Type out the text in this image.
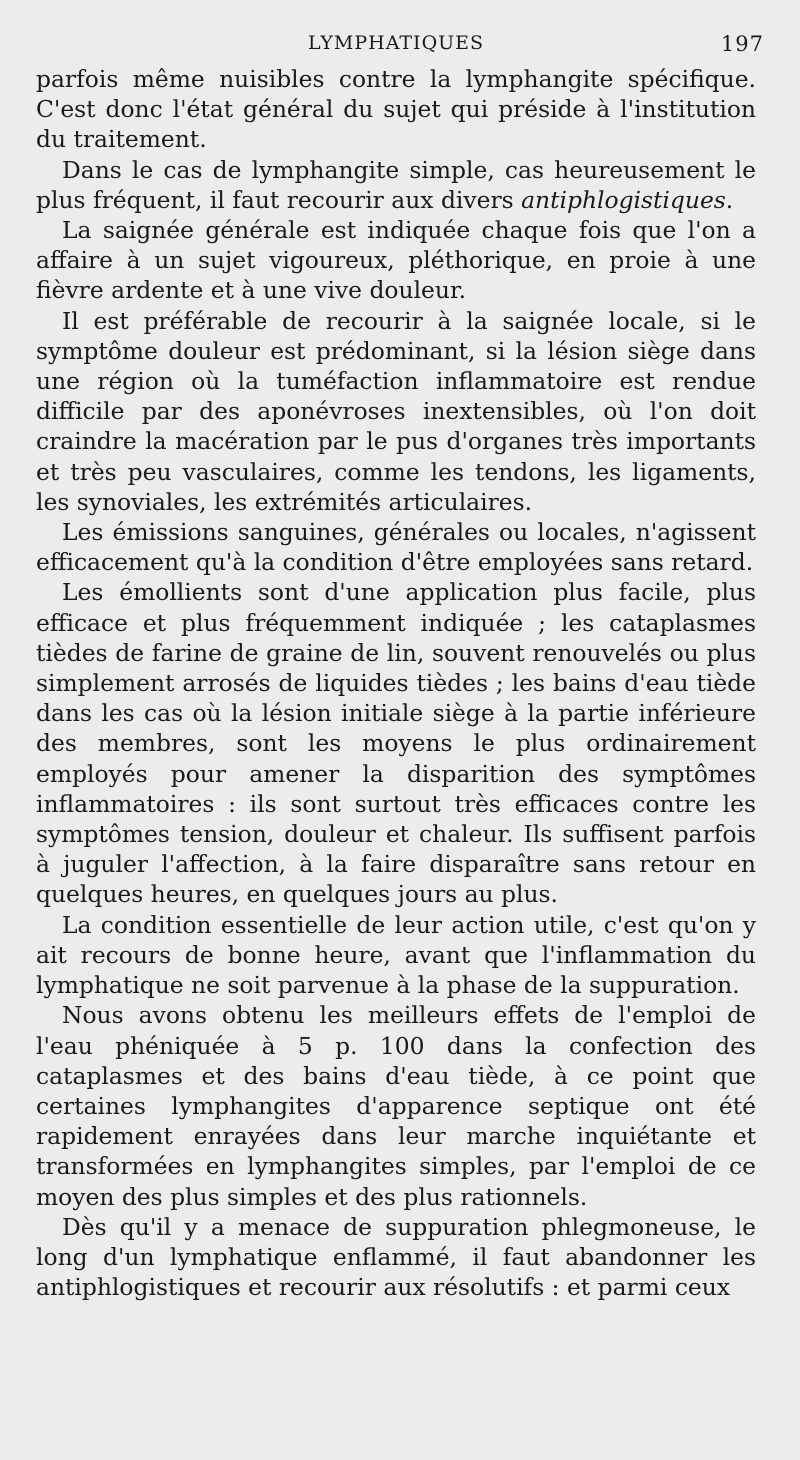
LYMPHATIQUES	197

parfois même nuisibles contre la lymphangite spécifique. C'est donc l'état général du sujet qui préside à l'institution du traitement.

Dans le cas de lymphangite simple, cas heureusement le plus fréquent, il faut recourir aux divers antiphlogistiques.

La saignée générale est indiquée chaque fois que l'on a affaire à un sujet vigoureux, pléthorique, en proie à une fièvre ardente et à une vive douleur.

Il est préférable de recourir à la saignée locale, si le symptôme douleur est prédominant, si la lésion siège dans une région où la tuméfaction inflammatoire est rendue difficile par des aponévroses inextensibles, où l'on doit craindre la macération par le pus d'organes très importants et très peu vasculaires, comme les tendons, les ligaments, les synoviales, les extrémités articulaires.

Les émissions sanguines, générales ou locales, n'agissent efficacement qu'à la condition d'être employées sans retard.

Les émollients sont d'une application plus facile, plus efficace et plus fréquemment indiquée ; les cataplasmes tièdes de farine de graine de lin, souvent renouvelés ou plus simplement arrosés de liquides tièdes ; les bains d'eau tiède dans les cas où la lésion initiale siège à la partie inférieure des membres, sont les moyens le plus ordinairement employés pour amener la disparition des symptômes inflammatoires : ils sont surtout très efficaces contre les symptômes tension, douleur et chaleur. Ils suffisent parfois à juguler l'affection, à la faire disparaître sans retour en quelques heures, en quelques jours au plus.

La condition essentielle de leur action utile, c'est qu'on y ait recours de bonne heure, avant que l'inflammation du lymphatique ne soit parvenue à la phase de la suppuration.

Nous avons obtenu les meilleurs effets de l'emploi de l'eau phéniquée à 5 p. 100 dans la confection des cataplasmes et des bains d'eau tiède, à ce point que certaines lymphangites d'apparence septique ont été rapidement enrayées dans leur marche inquiétante et transformées en lymphangites simples, par l'emploi de ce moyen des plus simples et des plus rationnels.

Dès qu'il y a menace de suppuration phlegmoneuse, le long d'un lymphatique enflammé, il faut abandonner les antiphlogistiques et recourir aux résolutifs : et parmi ceux
